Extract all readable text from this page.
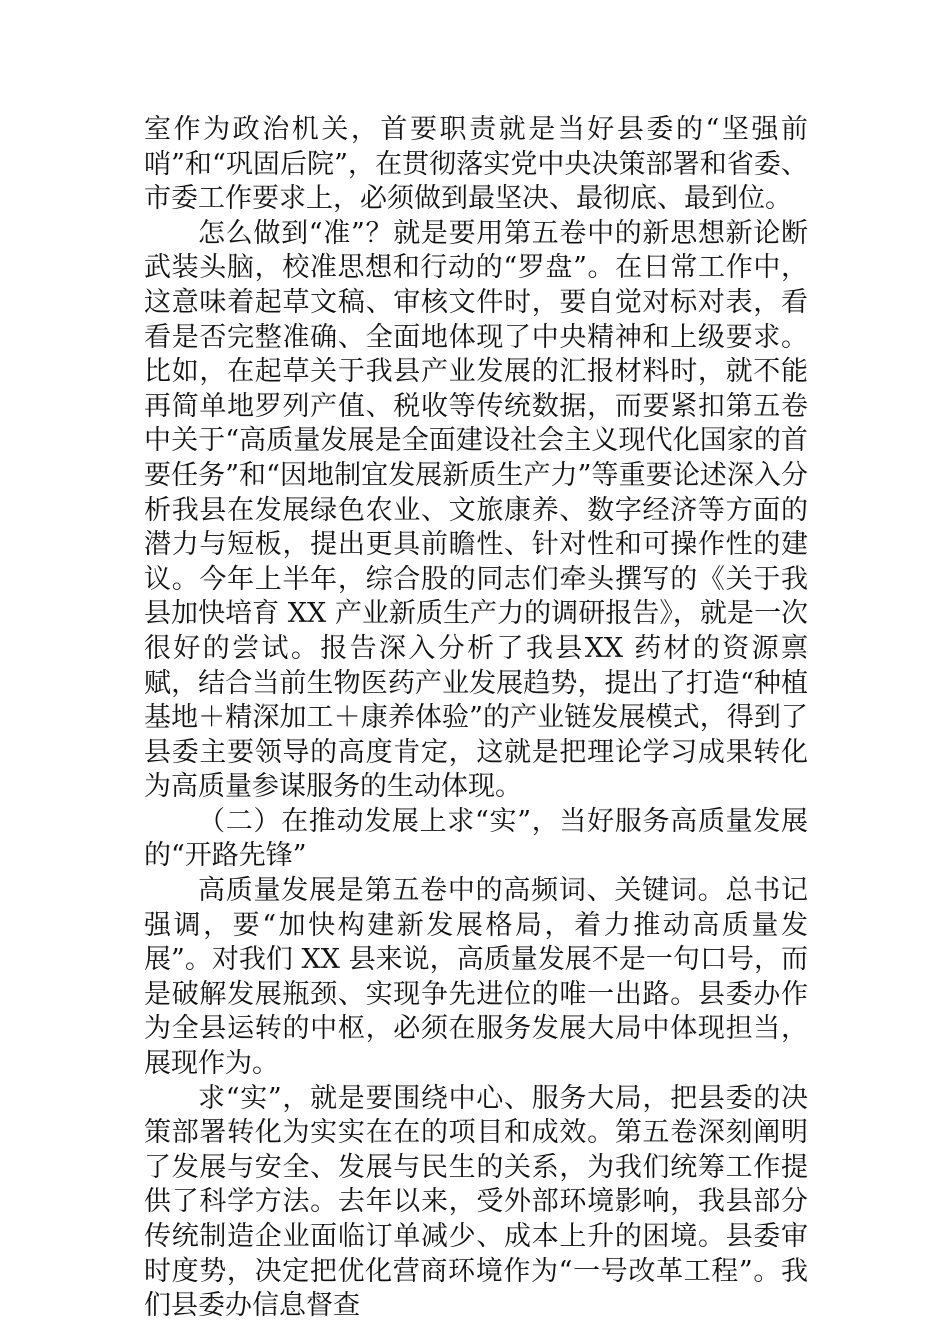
室作为政治机关，首要职责就是当好县委的“坚强前哨”和“巩固后院”，在贯彻落实党中央决策部署和省委、市委工作要求上，必须做到最坚决、最彻底、最到位。

怎么做到“准”？就是要用第五卷中的新思想新论断武装头脑，校准思想和行动的“罗盘”。在日常工作中，这意味着起草文稿、审核文件时，要自觉对标对表，看看是否完整准确、全面地体现了中央精神和上级要求。比如，在起草关于我县产业发展的汇报材料时，就不能再简单地罗列产值、税收等传统数据，而要紧扣第五卷中关于“高质量发展是全面建设社会主义现代化国家的首要任务”和“因地制宜发展新质生产力”等重要论述深入分析我县在发展绿色农业、文旅康养、数字经济等方面的潜力与短板，提出更具前瞻性、针对性和可操作性的建议。今年上半年，综合股的同志们牵头撰写的《关于我县加快培育 XX 产业新质生产力的调研报告》，就是一次很好的尝试。报告深入分析了我县XX 药材的资源禀赋，结合当前生物医药产业发展趋势，提出了打造“种植基地＋精深加工＋康养体验”的产业链发展模式，得到了县委主要领导的高度肯定，这就是把理论学习成果转化为高质量参谋服务的生动体现。

（二）在推动发展上求“实”，当好服务高质量发展的“开路先锋”

高质量发展是第五卷中的高频词、关键词。总书记强调，要“加快构建新发展格局，着力推动高质量发展”。对我们 XX 县来说，高质量发展不是一句口号，而是破解发展瓶颈、实现争先进位的唯一出路。县委办作为全县运转的中枢，必须在服务发展大局中体现担当，展现作为。

求“实”，就是要围绕中心、服务大局，把县委的决策部署转化为实实在在的项目和成效。第五卷深刻阐明了发展与安全、发展与民生的关系，为我们统筹工作提供了科学方法。去年以来，受外部环境影响，我县部分传统制造企业面临订单减少、成本上升的困境。县委审时度势，决定把优化营商环境作为“一号改革工程”。我们县委办信息督查
